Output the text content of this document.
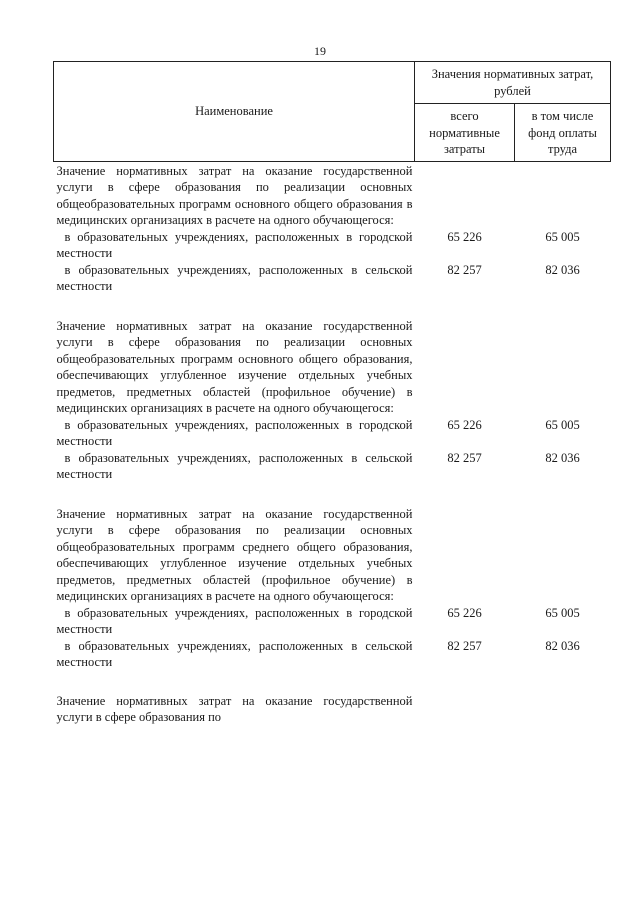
19
Наименование	Значения нормативных затрат, рублей	
	всего нормативные затраты	в том числе фонд оплаты труда
Значение нормативных затрат на оказание государственной услуги в сфере образования по реализации основных общеобразовательных программ основного общего образования в медицинских организациях в расчете на одного обучающегося:		
в образовательных учреждениях, расположенных в городской местности	65 226	65 005
в образовательных учреждениях, расположенных в сельской местности	82 257	82 036
Значение нормативных затрат на оказание государственной услуги в сфере образования по реализации основных общеобразовательных программ основного общего образования, обеспечивающих углубленное изучение отдельных учебных предметов, предметных областей (профильное обучение) в медицинских организациях в расчете на одного обучающегося:		
в образовательных учреждениях, расположенных в городской местности	65 226	65 005
в образовательных учреждениях, расположенных в сельской местности	82 257	82 036
Значение нормативных затрат на оказание государственной услуги в сфере образования по реализации основных общеобразовательных программ среднего общего образования, обеспечивающих углубленное изучение отдельных учебных предметов, предметных областей (профильное обучение) в медицинских организациях в расчете на одного обучающегося:		
в образовательных учреждениях, расположенных в городской местности	65 226	65 005
в образовательных учреждениях, расположенных в сельской местности	82 257	82 036
Значение нормативных затрат на оказание государственной услуги в сфере образования по		
